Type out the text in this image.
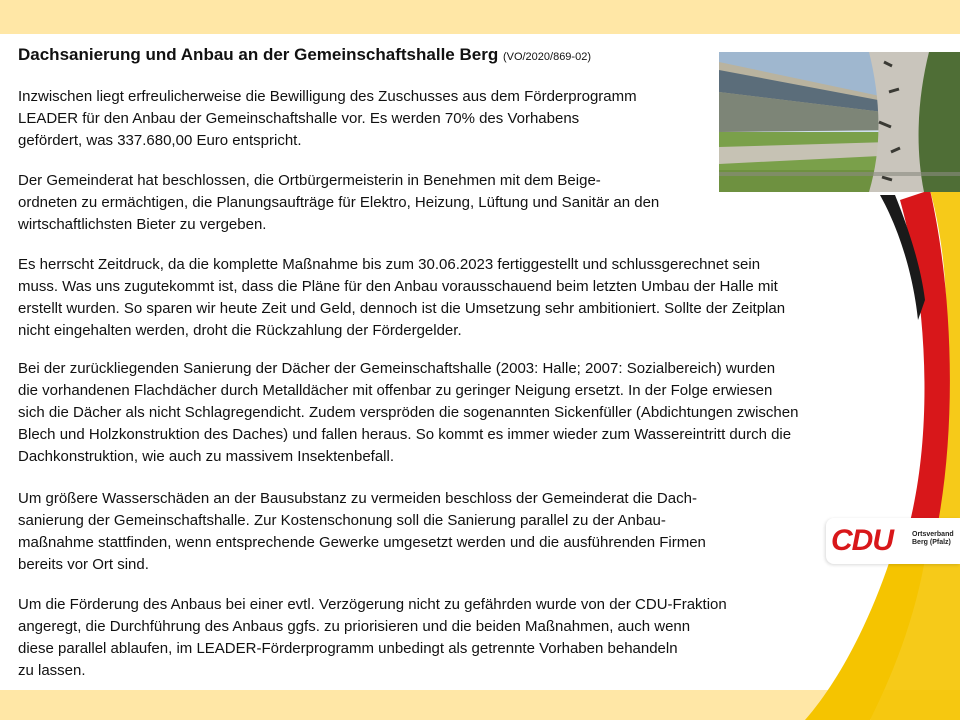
CDU	Ortsverband
Berg (Pfalz)
Dachsanierung und Anbau an der Gemeinschaftshalle Berg (VO/2020/869-02)

Inzwischen liegt erfreulicherweise die Bewilligung des Zuschusses aus dem Förderprogramm
LEADER für den Anbau der Gemeinschaftshalle vor. Es werden 70% des Vorhabens
gefördert, was 337.680,00 Euro entspricht.

Der Gemeinderat hat beschlossen, die Ortbürgermeisterin in Benehmen mit dem Beige-
ordneten zu ermächtigen, die Planungsaufträge für Elektro, Heizung, Lüftung und Sanitär an den
wirtschaftlichsten Bieter zu vergeben.

Es herrscht Zeitdruck, da die komplette Maßnahme bis zum 30.06.2023 fertiggestellt und schlussgerechnet sein
muss. Was uns zugutekommt ist, dass die Pläne für den Anbau vorausschauend beim letzten Umbau der Halle mit
erstellt wurden. So sparen wir heute Zeit und Geld, dennoch ist die Umsetzung sehr ambitioniert. Sollte der Zeitplan
nicht eingehalten werden, droht die Rückzahlung der Fördergelder.

Bei der zurückliegenden Sanierung der Dächer der Gemeinschaftshalle (2003: Halle; 2007: Sozialbereich) wurden
die vorhandenen Flachdächer durch Metalldächer mit offenbar zu geringer Neigung ersetzt. In der Folge erwiesen
sich die Dächer als nicht Schlagregendicht. Zudem verspröden die sogenannten Sickenfüller (Abdichtungen zwischen
Blech und Holzkonstruktion des Daches) und fallen heraus. So kommt es immer wieder zum Wassereintritt durch die
Dachkonstruktion, wie auch zu massivem Insektenbefall.

Um größere Wasserschäden an der Bausubstanz zu vermeiden beschloss der Gemeinderat die Dach-
sanierung der Gemeinschaftshalle. Zur Kostenschonung soll die Sanierung parallel zu der Anbau-
maßnahme stattfinden, wenn entsprechende Gewerke umgesetzt werden und die ausführenden Firmen
bereits vor Ort sind.

Um die Förderung des Anbaus bei einer evtl. Verzögerung nicht zu gefährden wurde von der CDU-Fraktion
angeregt, die Durchführung des Anbaus ggfs. zu priorisieren und die beiden Maßnahmen, auch wenn
diese parallel ablaufen, im LEADER-Förderprogramm unbedingt als getrennte Vorhaben behandeln
zu lassen.
